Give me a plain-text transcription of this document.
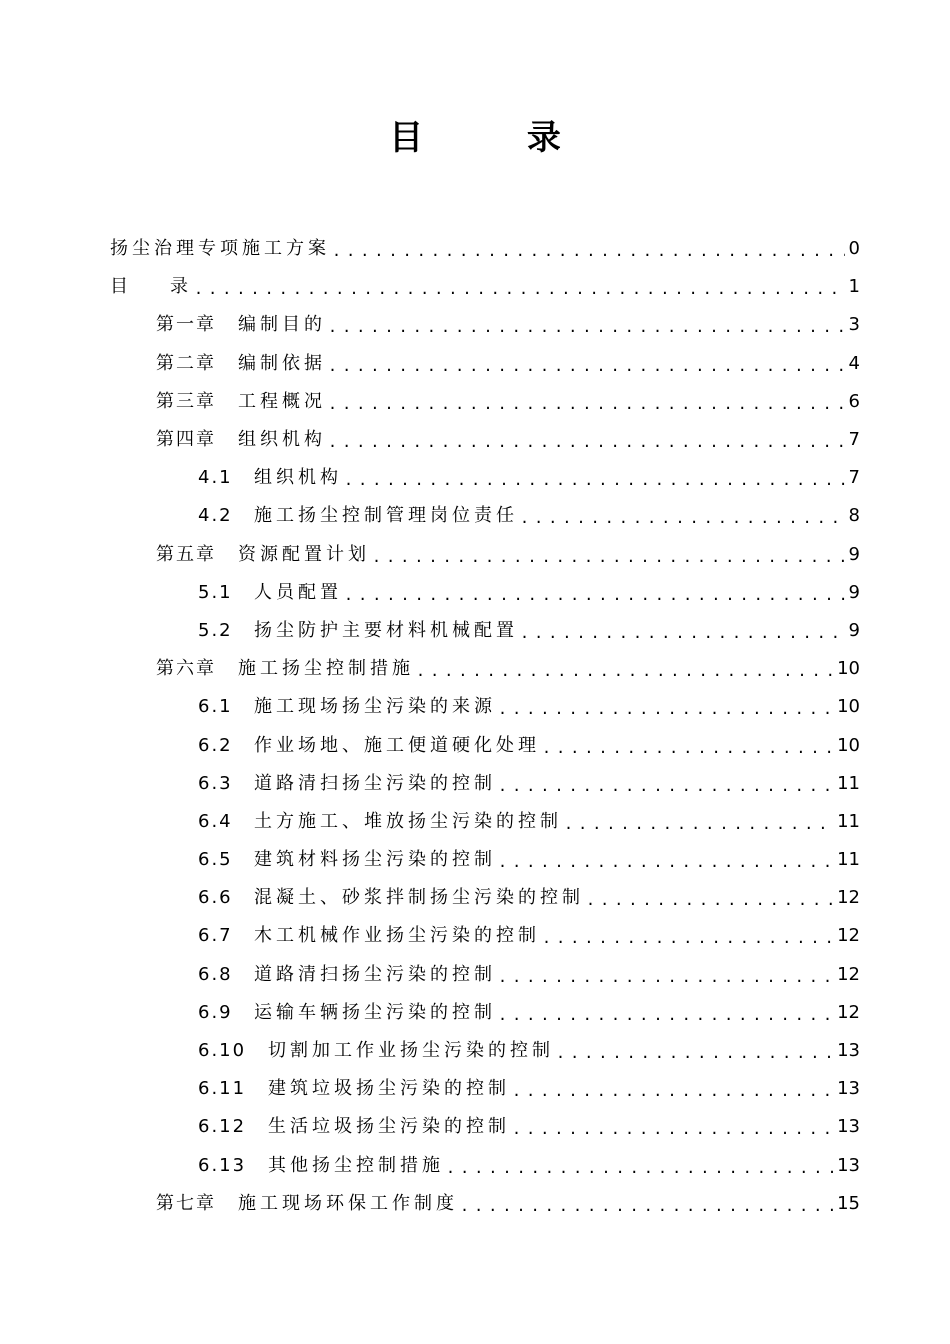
目 录
扬尘治理专项施工方案 .....	0
目 录 .....	1
第一章 编制目的 .....	3
第二章 编制依据 .....	4
第三章 工程概况 .....	6
第四章 组织机构 .....	7
4.1 组织机构 .....	7
4.2 施工扬尘控制管理岗位责任 .....	8
第五章 资源配置计划 .....	9
5.1 人员配置 .....	9
5.2 扬尘防护主要材料机械配置 .....	9
第六章 施工扬尘控制措施 .....	10
6.1 施工现场扬尘污染的来源 .....	10
6.2 作业场地、施工便道硬化处理 .....	10
6.3 道路清扫扬尘污染的控制 .....	11
6.4 土方施工、堆放扬尘污染的控制 .....	11
6.5 建筑材料扬尘污染的控制 .....	11
6.6 混凝土、砂浆拌制扬尘污染的控制 .....	12
6.7 木工机械作业扬尘污染的控制 .....	12
6.8 道路清扫扬尘污染的控制 .....	12
6.9 运输车辆扬尘污染的控制 .....	12
6.10 切割加工作业扬尘污染的控制 .....	13
6.11 建筑垃圾扬尘污染的控制 .....	13
6.12 生活垃圾扬尘污染的控制 .....	13
6.13 其他扬尘控制措施 .....	13
第七章 施工现场环保工作制度 .....	15
